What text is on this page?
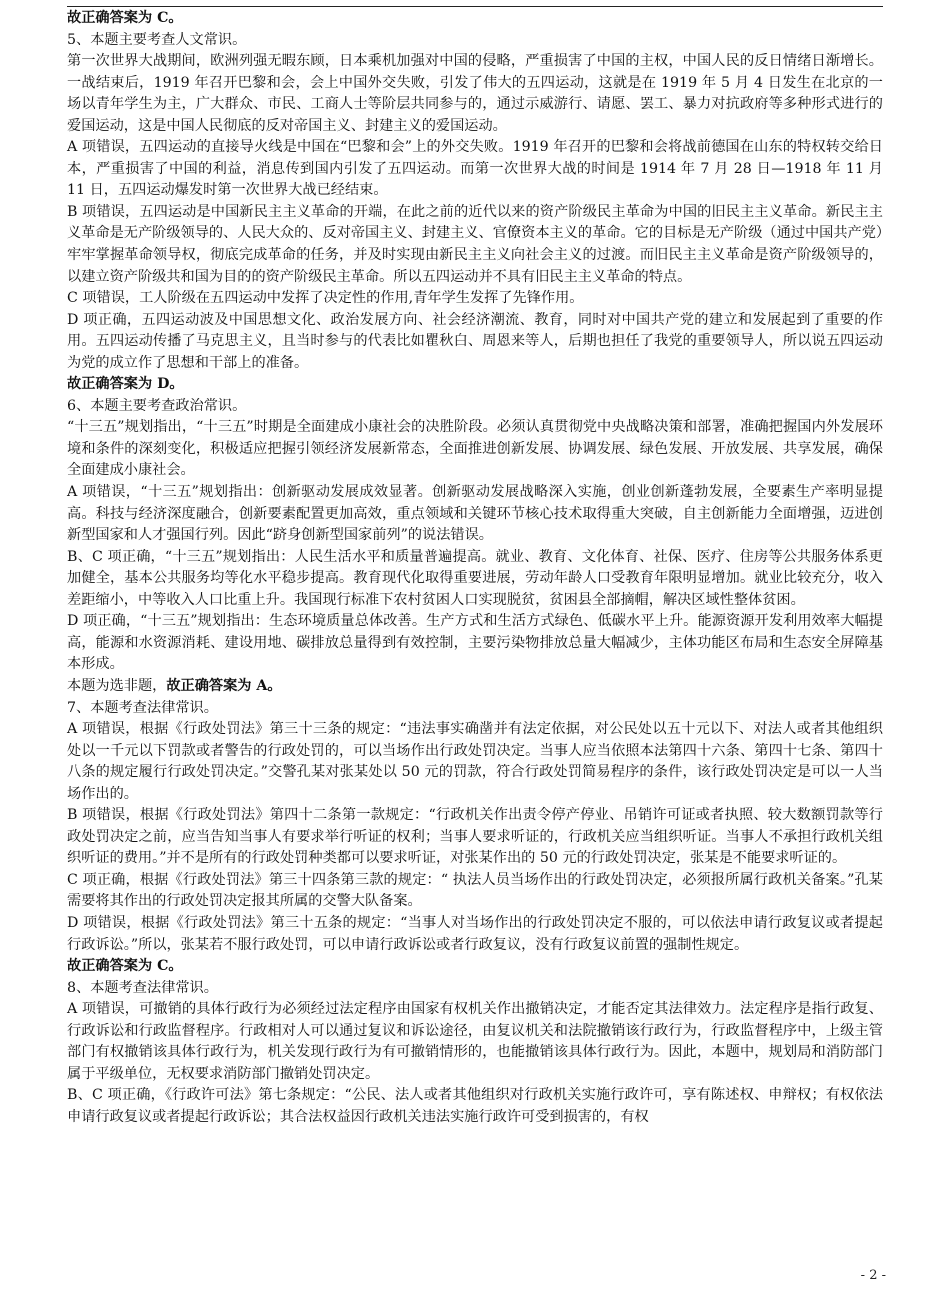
故正确答案为 C。

5、本题主要考查人文常识。

第一次世界大战期间，欧洲列强无暇东顾，日本乘机加强对中国的侵略，严重损害了中国的主权，中国人民的反日情绪日渐增长。一战结束后，1919 年召开巴黎和会，会上中国外交失败，引发了伟大的五四运动，这就是在 1919 年 5 月 4 日发生在北京的一场以青年学生为主，广大群众、市民、工商人士等阶层共同参与的，通过示威游行、请愿、罢工、暴力对抗政府等多种形式进行的爱国运动，这是中国人民彻底的反对帝国主义、封建主义的爱国运动。

A 项错误，五四运动的直接导火线是中国在“巴黎和会”上的外交失败。1919 年召开的巴黎和会将战前德国在山东的特权转交给日本，严重损害了中国的利益，消息传到国内引发了五四运动。而第一次世界大战的时间是 1914 年 7 月 28 日—1918 年 11 月 11 日，五四运动爆发时第一次世界大战已经结束。

B 项错误，五四运动是中国新民主主义革命的开端，在此之前的近代以来的资产阶级民主革命为中国的旧民主主义革命。新民主主义革命是无产阶级领导的、人民大众的、反对帝国主义、封建主义、官僚资本主义的革命。它的目标是无产阶级（通过中国共产党）牢牢掌握革命领导权，彻底完成革命的任务，并及时实现由新民主主义向社会主义的过渡。而旧民主主义革命是资产阶级领导的，以建立资产阶级共和国为目的的资产阶级民主革命。所以五四运动并不具有旧民主主义革命的特点。

C 项错误，工人阶级在五四运动中发挥了决定性的作用,青年学生发挥了先锋作用。

D 项正确，五四运动波及中国思想文化、政治发展方向、社会经济潮流、教育，同时对中国共产党的建立和发展起到了重要的作用。五四运动传播了马克思主义，且当时参与的代表比如瞿秋白、周恩来等人，后期也担任了我党的重要领导人，所以说五四运动为党的成立作了思想和干部上的准备。

故正确答案为 D。

6、本题主要考查政治常识。

“十三五”规划指出，“十三五”时期是全面建成小康社会的决胜阶段。必须认真贯彻党中央战略决策和部署，准确把握国内外发展环境和条件的深刻变化，积极适应把握引领经济发展新常态，全面推进创新发展、协调发展、绿色发展、开放发展、共享发展，确保全面建成小康社会。

A 项错误，“十三五”规划指出：创新驱动发展成效显著。创新驱动发展战略深入实施，创业创新蓬勃发展，全要素生产率明显提高。科技与经济深度融合，创新要素配置更加高效，重点领域和关键环节核心技术取得重大突破，自主创新能力全面增强，迈进创新型国家和人才强国行列。因此“跻身创新型国家前列”的说法错误。

B、C 项正确，“十三五”规划指出：人民生活水平和质量普遍提高。就业、教育、文化体育、社保、医疗、住房等公共服务体系更加健全，基本公共服务均等化水平稳步提高。教育现代化取得重要进展，劳动年龄人口受教育年限明显增加。就业比较充分，收入差距缩小，中等收入人口比重上升。我国现行标准下农村贫困人口实现脱贫，贫困县全部摘帽，解决区域性整体贫困。

D 项正确，“十三五”规划指出：生态环境质量总体改善。生产方式和生活方式绿色、低碳水平上升。能源资源开发利用效率大幅提高，能源和水资源消耗、建设用地、碳排放总量得到有效控制，主要污染物排放总量大幅减少，主体功能区布局和生态安全屏障基本形成。

本题为选非题，故正确答案为 A。

7、本题考查法律常识。

A 项错误，根据《行政处罚法》第三十三条的规定：“违法事实确凿并有法定依据，对公民处以五十元以下、对法人或者其他组织处以一千元以下罚款或者警告的行政处罚的，可以当场作出行政处罚决定。当事人应当依照本法第四十六条、第四十七条、第四十八条的规定履行行政处罚决定。”交警孔某对张某处以 50 元的罚款，符合行政处罚简易程序的条件，该行政处罚决定是可以一人当场作出的。

B 项错误，根据《行政处罚法》第四十二条第一款规定：“行政机关作出责令停产停业、吊销许可证或者执照、较大数额罚款等行政处罚决定之前，应当告知当事人有要求举行听证的权利；当事人要求听证的，行政机关应当组织听证。当事人不承担行政机关组织听证的费用。”并不是所有的行政处罚种类都可以要求听证，对张某作出的 50 元的行政处罚决定，张某是不能要求听证的。

C 项正确，根据《行政处罚法》第三十四条第三款的规定：“ 执法人员当场作出的行政处罚决定，必须报所属行政机关备案。”孔某需要将其作出的行政处罚决定报其所属的交警大队备案。

D 项错误，根据《行政处罚法》第三十五条的规定：“当事人对当场作出的行政处罚决定不服的，可以依法申请行政复议或者提起行政诉讼。”所以，张某若不服行政处罚，可以申请行政诉讼或者行政复议，没有行政复议前置的强制性规定。

故正确答案为 C。

8、本题考查法律常识。

A 项错误，可撤销的具体行政行为必须经过法定程序由国家有权机关作出撤销决定，才能否定其法律效力。法定程序是指行政复、行政诉讼和行政监督程序。行政相对人可以通过复议和诉讼途径，由复议机关和法院撤销该行政行为，行政监督程序中，上级主管部门有权撤销该具体行政行为，机关发现行政行为有可撤销情形的，也能撤销该具体行政行为。因此，本题中，规划局和消防部门属于平级单位，无权要求消防部门撤销处罚决定。

B、C 项正确，《行政许可法》第七条规定：“公民、法人或者其他组织对行政机关实施行政许可，享有陈述权、申辩权；有权依法申请行政复议或者提起行政诉讼；其合法权益因行政机关违法实施行政许可受到损害的，有权

- 2 -
